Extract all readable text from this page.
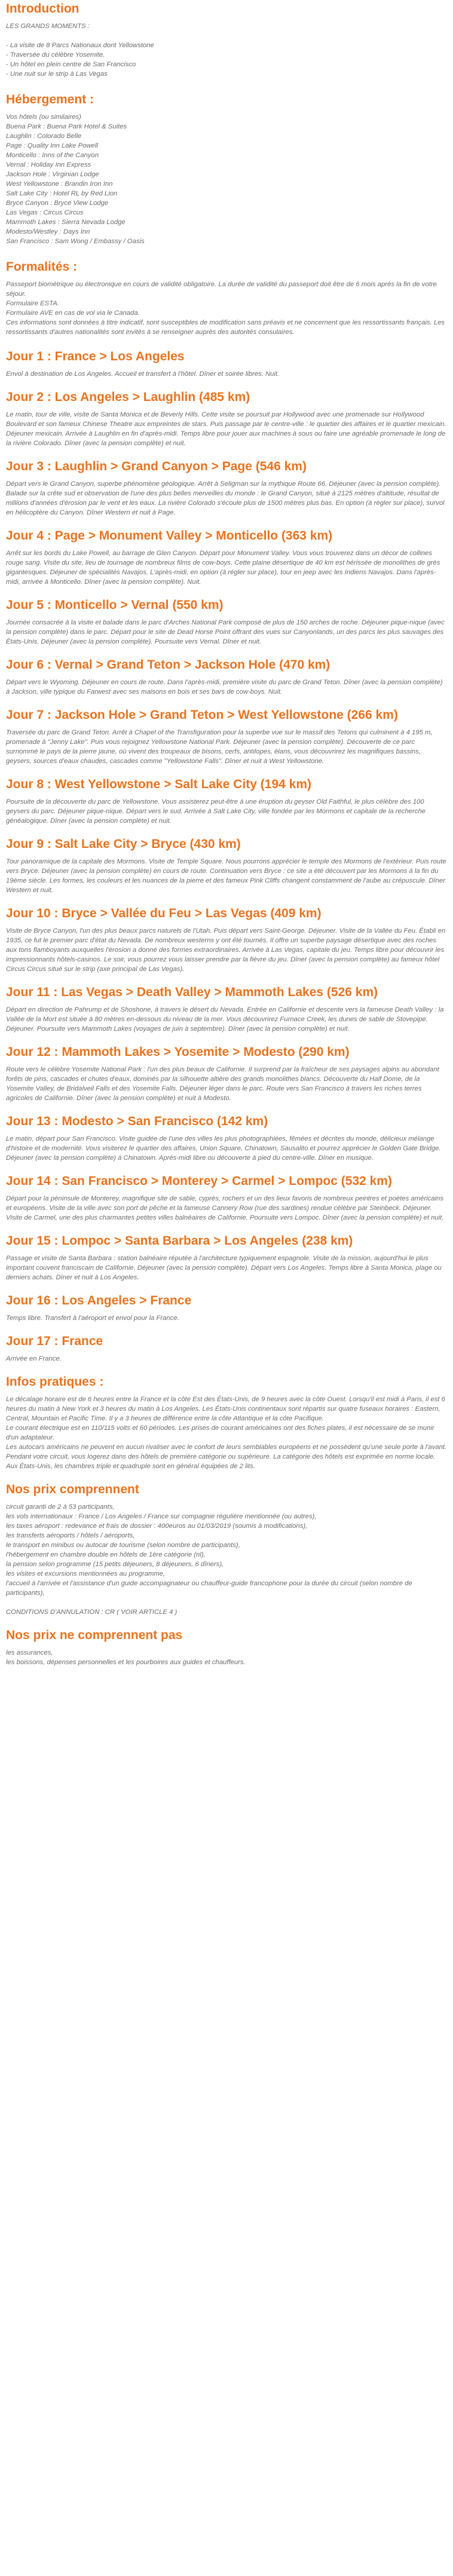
Introduction
LES GRANDS MOMENTS :
- La visite de 8 Parcs Nationaux dont Yellowstone
- Traversée du célèbre Yosemite.
- Un hôtel en plein centre de San Francisco
- Une nuit sur le strip à Las Vegas
Hébergement :
Vos hôtels (ou similaires)
Buena Park : Buena Park Hotel & Suites
Laughlin : Colorado Belle
Page : Quality Inn Lake Powell
Monticello : Inns of the Canyon
Vernal : Holiday Inn Express
Jackson Hole : Virginian Lodge
West Yellowstone : Brandin Iron Inn
Salt Lake City : Hotel RL by Red Lion
Bryce Canyon : Bryce View Lodge
Las Vegas : Circus Circus
Mammoth Lakes : Sierra Nevada Lodge
Modesto/Westley : Days Inn
San Francisco : Sam Wong / Embassy / Oasis
Formalités :
Passeport biométrique ou électronique en cours de validité obligatoire. La durée de validité du passeport doit être de 6 mois après la fin de votre séjour.
Formulaire ESTA.
Formulaire AVE en cas de vol via le Canada.
Ces informations sont données à titre indicatif, sont susceptibles de modification sans préavis et ne concernent que les ressortissants français. Les ressortissants d'autres nationalités sont invités à se renseigner auprès des autorités consulaires.
Jour 1 : France > Los Angeles
Envol à destination de Los Angeles. Accueil et transfert à l'hôtel. Dîner et soirée libres. Nuit.
Jour 2 : Los Angeles > Laughlin (485 km)
Le matin, tour de ville, visite de Santa Monica et de Beverly Hills. Cette visite se poursuit par Hollywood avec une promenade sur Hollywood Boulevard et son fameux Chinese Theatre aux empreintes de stars. Puis passage par le centre-ville : le quartier des affaires et le quartier mexicain. Déjeuner mexicain. Arrivée à Laughlin en fin d'après-midi. Temps libre pour jouer aux machines à sous ou faire une agréable promenade le long de la rivière Colorado. Dîner (avec la pension complète) et nuit.
Jour 3 : Laughlin > Grand Canyon > Page (546 km)
Départ vers le Grand Canyon, superbe phénomène géologique. Arrêt à Seligman sur la mythique Route 66. Déjeuner (avec la pension complète). Balade sur la crête sud et observation de l'une des plus belles merveilles du monde : le Grand Canyon, situé à 2125 mètres d'altitude, résultat de millions d'années d'érosion par le vent et les eaux. La rivière Colorado s'écoule plus de 1500 mètres plus bas. En option (à régler sur place), survol en hélicoptère du Canyon. Dîner Western et nuit à Page.
Jour 4 : Page > Monument Valley > Monticello (363 km)
Arrêt sur les bords du Lake Powell, au barrage de Glen Canyon. Départ pour Monument Valley. Vous vous trouverez dans un décor de collines rouge sang. Visite du site, lieu de tournage de nombreux films de cow-boys. Cette plaine désertique de 40 km est hérissée de monolithes de grès gigantesques. Déjeuner de spécialités Navajos. L'après-midi, en option (à régler sur place), tour en jeep avec les Indiens Navajos. Dans l'après-midi, arrivée à Monticello. Dîner (avec la pension complète). Nuit.
Jour 5 : Monticello > Vernal (550 km)
Journée consacrée à la visite et balade dans le parc d'Arches National Park composé de plus de 150 arches de roche. Déjeuner pique-nique (avec la pension complète) dans le parc. Départ pour le site de Dead Horse Point offrant des vues sur Canyonlands, un des parcs les plus sauvages des États-Unis. Déjeuner (avec la pension complète). Poursuite vers Vernal. Dîner et nuit.
Jour 6 : Vernal > Grand Teton > Jackson Hole (470 km)
Départ vers le Wyoming. Déjeuner en cours de route. Dans l'après-midi, première visite du parc de Grand Teton. Dîner (avec la pension complète) à Jackson, ville typique du Farwest avec ses maisons en bois et ses bars de cow-boys. Nuit.
Jour 7 : Jackson Hole > Grand Teton > West Yellowstone (266 km)
Traversée du parc de Grand Teton. Arrêt à Chapel of the Transfiguration pour la superbe vue sur le massif des Tetons qui culminent à 4 195 m, promenade à "Jenny Lake". Puis vous rejoignez Yellowstone National Park. Déjeuner (avec la pension complète). Découverte de ce parc surnommé le pays de la pierre jaune, où vivent des troupeaux de bisons, cerfs, antilopes, élans, vous découvrirez les magnifiques bassins, geysers, sources d'eaux chaudes, cascades comme "Yellowstone Falls". Dîner et nuit à West Yellowstone.
Jour 8 : West Yellowstone > Salt Lake City (194 km)
Poursuite de la découverte du parc de Yellowstone. Vous assisterez peut-être à une éruption du geyser Old Faithful, le plus célèbre des 100 geysers du parc. Déjeuner pique-nique. Départ vers le sud. Arrivée à Salt Lake City, ville fondée par les Mormons et capitale de la recherche généalogique. Dîner (avec la pension complète) et nuit.
Jour 9 : Salt Lake City > Bryce (430 km)
Tour panoramique de la capitale des Mormons. Visite de Temple Square. Nous pourrons apprécier le temple des Mormons de l'extérieur. Puis route vers Bryce. Déjeuner (avec la pension complète) en cours de route. Continuation vers Bryce : ce site a été découvert par les Mormons à la fin du 19ème siècle. Les formes, les couleurs et les nuances de la pierre et des fameux Pink Cliffs changent constamment de l'aube au crépuscule. Dîner Western et nuit.
Jour 10 : Bryce > Vallée du Feu > Las Vegas (409 km)
Visite de Bryce Canyon, l'un des plus beaux parcs naturels de l'Utah. Puis départ vers Saint-George. Déjeuner. Visite de la Vallée du Feu. Établi en 1935, ce fut le premier parc d'état du Nevada. De nombreux westerns y ont été tournés. Il offre un superbe paysage désertique avec des roches aux tons flamboyants auxquelles l'érosion a donné des formes extraordinaires. Arrivée à Las Vegas, capitale du jeu. Temps libre pour découvrir les impressionnants hôtels-casinos. Le soir, vous pourrez vous laisser prendre par la fièvre du jeu. Dîner (avec la pension complète) au fameux hôtel Circus Circus situé sur le strip (axe principal de Las Vegas).
Jour 11 : Las Vegas > Death Valley > Mammoth Lakes (526 km)
Départ en direction de Pahrump et de Shoshone, à travers le désert du Nevada. Entrée en Californie et descente vers la fameuse Death Valley : la Vallée de la Mort est située à 80 mètres en-dessous du niveau de la mer. Vous découvrirez Furnace Creek, les dunes de sable de Stovepipe. Déjeuner. Poursuite vers Mammoth Lakes (voyages de juin à septembre). Dîner (avec la pension complète) et nuit.
Jour 12 : Mammoth Lakes > Yosemite > Modesto (290 km)
Route vers le célèbre Yosemite National Park : l'un des plus beaux de Californie. Il surprend par la fraîcheur de ses paysages alpins au abondant forêts de pins, cascades et chutes d'eaux, dominés par la silhouette altière des grands monolithes blancs. Découverte du Half Dome, de la Yosemite Valley, de Bridalveil Falls et des Yosemite Falls. Déjeuner léger dans le parc. Route vers San Francisco à travers les riches terres agricoles de Californie. Dîner (avec la pension complète) et nuit à Modesto.
Jour 13 : Modesto > San Francisco (142 km)
Le matin, départ pour San Francisco. Visite guidée de l'une des villes les plus photographiées, fêmées et décrites du monde, délicieux mélange d'histoire et de modernité. Vous visiterez le quartier des affaires, Union Square, Chinatown, Sausalito et pourrez apprécier le Golden Gate Bridge. Déjeuner (avec la pension complète) à Chinatown. Après-midi libre ou découverte à pied du centre-ville. Dîner en musique.
Jour 14 : San Francisco > Monterey > Carmel > Lompoc (532 km)
Départ pour la péninsule de Monterey, magnifique site de sable, cyprès, rochers et un des lieux favoris de nombreux peintres et poètes américains et européens. Visite de la ville avec son port de pêche et la fameuse Cannery Row (rue des sardines) rendue célèbre par Steinbeck. Déjeuner. Visite de Carmel, une des plus charmantes petites villes balnéaires de Californie. Poursuite vers Lompoc. Dîner (avec la pension complète) et nuit.
Jour 15 : Lompoc > Santa Barbara > Los Angeles (238 km)
Passage et visite de Santa Barbara : station balnéaire réputée à l'architecture typiquement espagnole. Visite de la mission, aujourd'hui le plus important couvent franciscain de Californie. Déjeuner (avec la pension complète). Départ vers Los Angeles. Temps libre à Santa Monica, plage ou derniers achats. Dîner et nuit à Los Angeles.
Jour 16 : Los Angeles > France
Temps libre. Transfert à l'aéroport et envol pour la France.
Jour 17 : France
Arrivée en France.
Infos pratiques :
Le décalage horaire est de 6 heures entre la France et la côte Est des États-Unis, de 9 heures avec la côte Ouest. Lorsqu'il est midi à Paris, il est 6 heures du matin à New York et 3 heures du matin à Los Angeles. Les États-Unis continentaux sont répartis sur quatre fuseaux horaires : Eastern, Central, Mountain et Pacific Time. Il y a 3 heures de différence entre la côte Atlantique et la côte Pacifique.
Le courant électrique est en 110/115 volts et 60 périodes. Les prises de courant américaines ont des fiches plates, il est nécessaire de se munir d'un adaptateur.
Les autocars américains ne peuvent en aucun rivaliser avec le confort de leurs semblables européens et ne possèdent qu'une seule porte à l'avant.
Pendant votre circuit, vous logerez dans des hôtels de première catégorie ou supérieure. La catégorie des hôtels est exprimée en norme locale. Aux États-Unis, les chambres triple et quadruple sont en général équipées de 2 lits.
Nos prix comprennent
circuit garanti de 2 à 53 participants,
les vols internationaux : France / Los Angeles / France sur compagnie régulière mentionnée (ou autres),
les taxes aéroport : redevance et frais de dossier : 400euros au 01/03/2019 (soumis à modifications),
les transferts aéroports / hôtels / aéroports,
le transport en minibus ou autocar de tourisme (selon nombre de participants),
l'hébergement en chambre double en hôtels de 1ère catégorie (nl),
la pension selon programme (15 petits déjeuners, 8 déjeuners, 6 dîners),
les visites et excursions mentionnées au programme,
l'accueil à l'arrivée et l'assistance d'un guide accompagnateur ou chauffeur-guide francophone pour la durée du circuit (selon nombre de participants),
CONDITIONS D'ANNULATION : CR ( VOIR ARTICLE 4 )
Nos prix ne comprennent pas
les assurances,
les boissons, dépenses personnelles et les pourboires aux guides et chauffeurs.
